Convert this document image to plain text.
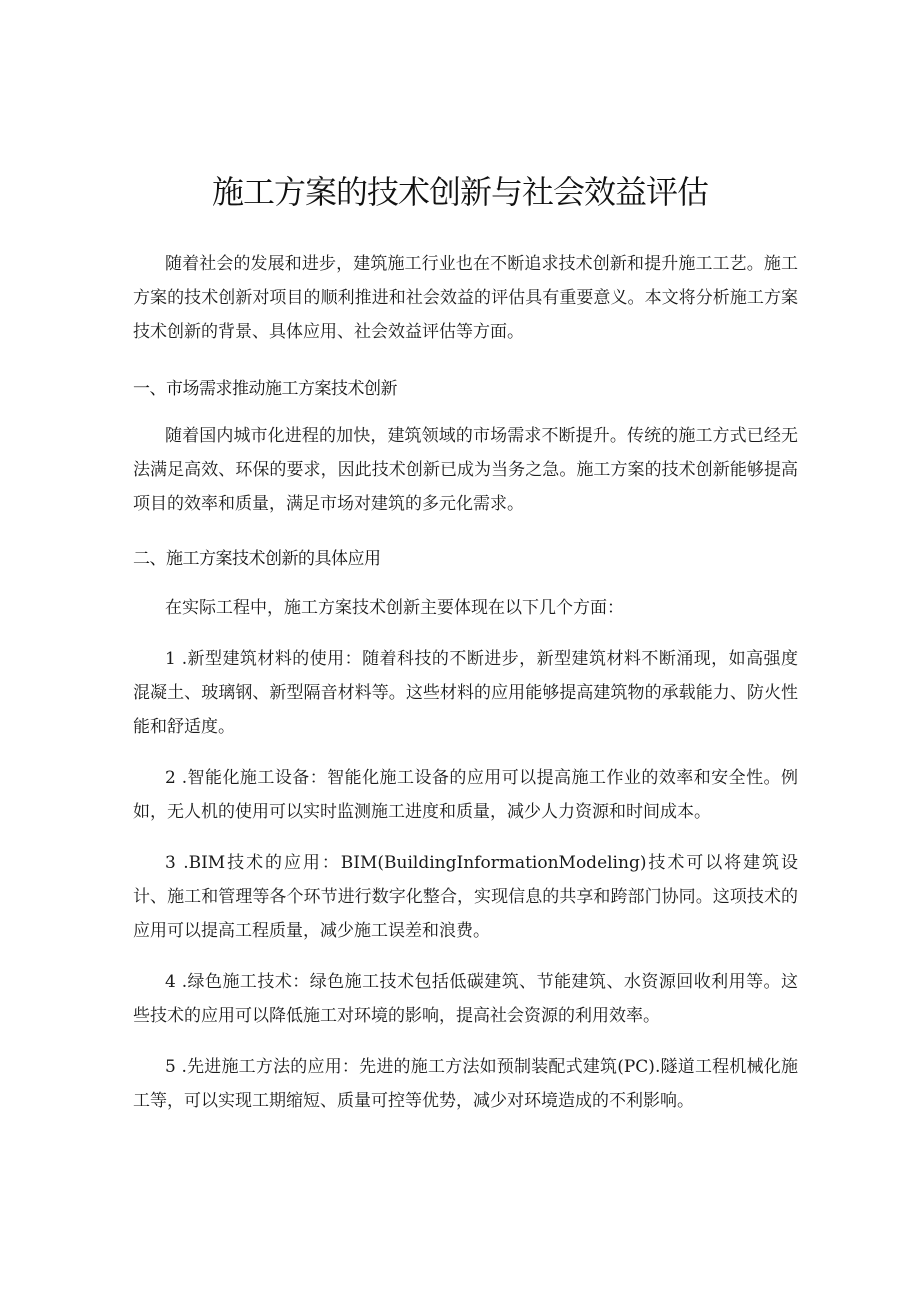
施工方案的技术创新与社会效益评估

随着社会的发展和进步，建筑施工行业也在不断追求技术创新和提升施工工艺。施工方案的技术创新对项目的顺利推进和社会效益的评估具有重要意义。本文将分析施工方案技术创新的背景、具体应用、社会效益评估等方面。

一、市场需求推动施工方案技术创新

随着国内城市化进程的加快，建筑领域的市场需求不断提升。传统的施工方式已经无法满足高效、环保的要求，因此技术创新已成为当务之急。施工方案的技术创新能够提高项目的效率和质量，满足市场对建筑的多元化需求。

二、施工方案技术创新的具体应用

在实际工程中，施工方案技术创新主要体现在以下几个方面：

1 .新型建筑材料的使用：随着科技的不断进步，新型建筑材料不断涌现，如高强度混凝土、玻璃钢、新型隔音材料等。这些材料的应用能够提高建筑物的承载能力、防火性能和舒适度。

2 .智能化施工设备：智能化施工设备的应用可以提高施工作业的效率和安全性。例如，无人机的使用可以实时监测施工进度和质量，减少人力资源和时间成本。

3 .BIM技术的应用：BIM(BuildingInformationModeling)技术可以将建筑设计、施工和管理等各个环节进行数字化整合，实现信息的共享和跨部门协同。这项技术的应用可以提高工程质量，减少施工误差和浪费。

4 .绿色施工技术：绿色施工技术包括低碳建筑、节能建筑、水资源回收利用等。这些技术的应用可以降低施工对环境的影响，提高社会资源的利用效率。

5 .先进施工方法的应用：先进的施工方法如预制装配式建筑(PC).隧道工程机械化施工等，可以实现工期缩短、质量可控等优势，减少对环境造成的不利影响。
